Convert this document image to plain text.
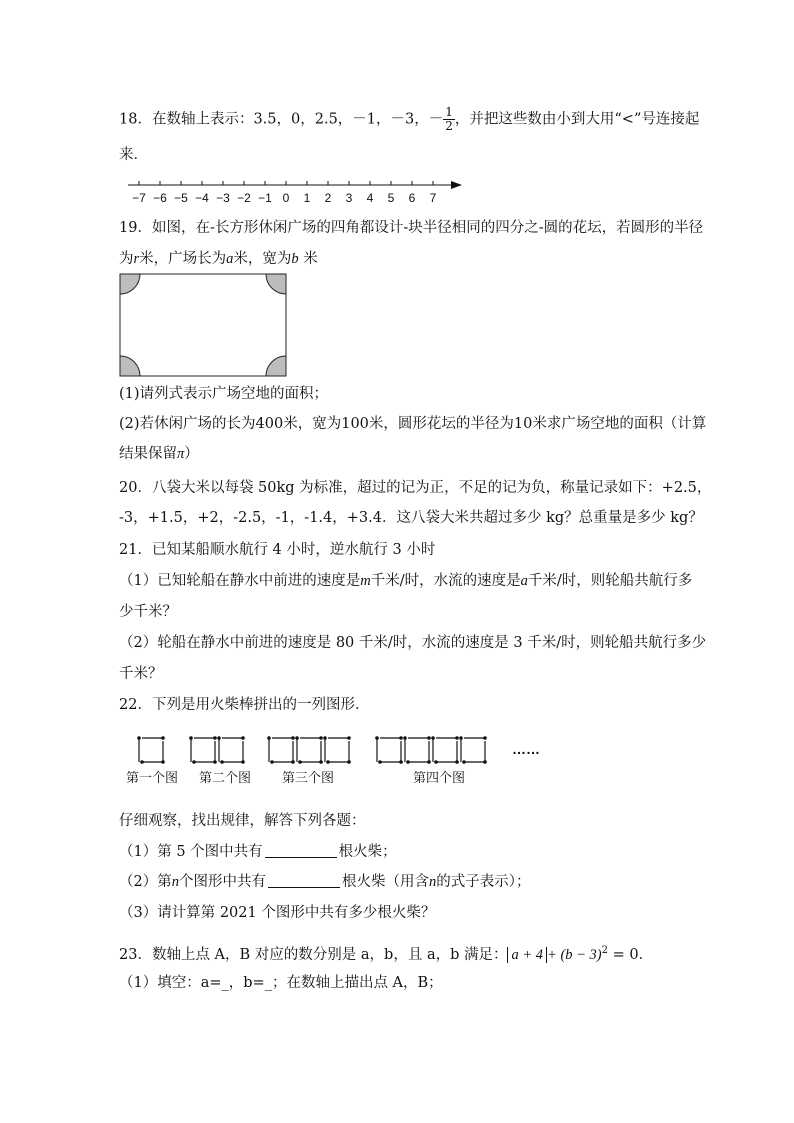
18．在数轴上表示：3.5，0，2.5，－1，－3，－ $\frac{1}{2}$ ，并把这些数由小到大用“<”号连接起
来．
−7 −6 −5 −4 −3 −2 −1 0 1 2 3 4 5 6 7
19．如图，在-长方形休闲广场的四角都设计-块半径相同的四分之-圆的花坛，若圆形的半径
为r米，广场长为a米，宽为b 米
(1)请列式表示广场空地的面积；
(2)若休闲广场的长为400米，宽为100米，圆形花坛的半径为10米求广场空地的面积（计算
结果保留π）
20．八袋大米以每袋 50kg 为标准，超过的记为正，不足的记为负，称量记录如下：+2.5，
-3，+1.5，+2，-2.5，-1，-1.4，+3.4．这八袋大米共超过多少 kg？总重量是多少 kg？
21．已知某船顺水航行 4 小时，逆水航行 3 小时
（1）已知轮船在静水中前进的速度是m千米/时，水流的速度是a千米/时，则轮船共航行多
少千米？
（2）轮船在静水中前进的速度是 80 千米/时，水流的速度是 3 千米/时，则轮船共航行多少
千米？
22．下列是用火柴棒拼出的一列图形．
……
第一个图 第二个图 第三个图	第四个图
仔细观察，找出规律，解答下列各题：
（1）第 5 个图中共有	根火柴；
（2）第n个图形中共有	根火柴（用含n的式子表示）；
（3）请计算第 2021 个图形中共有多少根火柴？
23．数轴上点 A，B 对应的数分别是 a，b，且 a，b 满足： $a + 4 + (b - 3)^2 = 0$．
（1）填空：a=_，b=_；在数轴上描出点 A，B；
